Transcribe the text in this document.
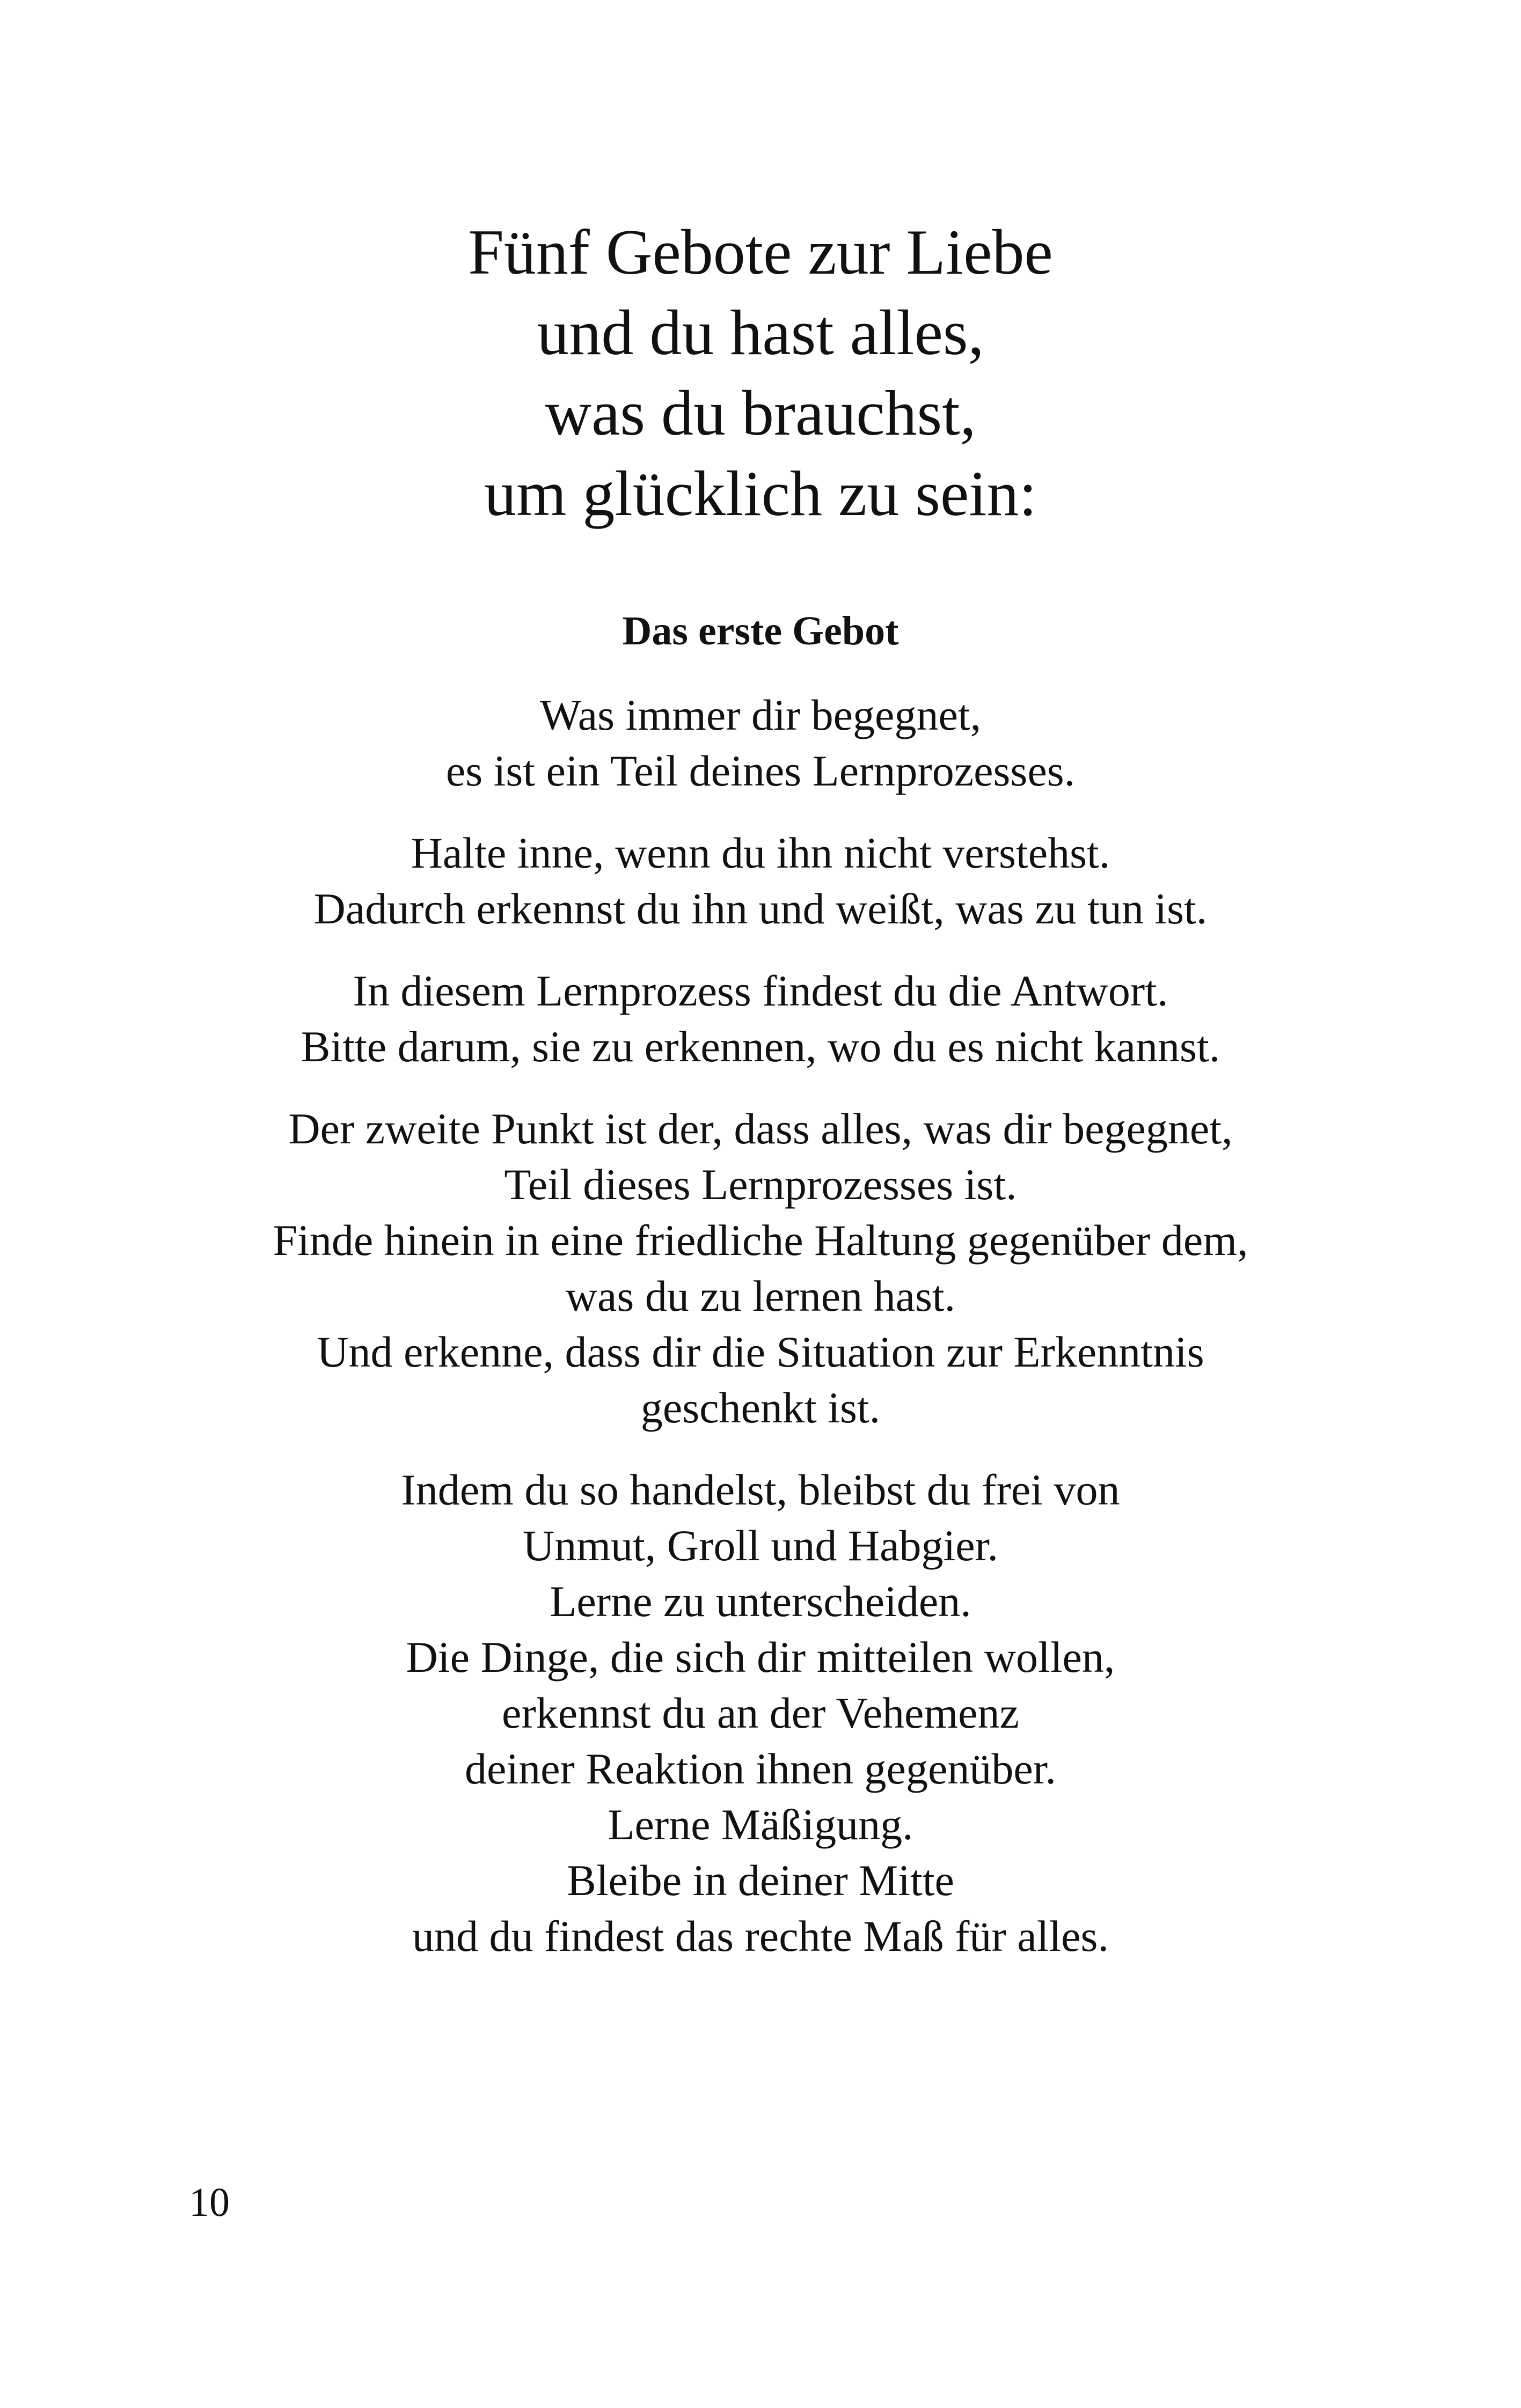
Fünf Gebote zur Liebe
und du hast alles,
was du brauchst,
um glücklich zu sein:
Das erste Gebot

Was immer dir begegnet,
es ist ein Teil deines Lernprozesses.

Halte inne, wenn du ihn nicht verstehst.
Dadurch erkennst du ihn und weißt, was zu tun ist.

In diesem Lernprozess findest du die Antwort.
Bitte darum, sie zu erkennen, wo du es nicht kannst.

Der zweite Punkt ist der, dass alles, was dir begegnet,
Teil dieses Lernprozesses ist.
Finde hinein in eine friedliche Haltung gegenüber dem,
was du zu lernen hast.
Und erkenne, dass dir die Situation zur Erkenntnis
geschenkt ist.

Indem du so handelst, bleibst du frei von
Unmut, Groll und Habgier.
Lerne zu unterscheiden.
Die Dinge, die sich dir mitteilen wollen,
erkennst du an der Vehemenz
deiner Reaktion ihnen gegenüber.
Lerne Mäßigung.
Bleibe in deiner Mitte
und du findest das rechte Maß für alles.

10
